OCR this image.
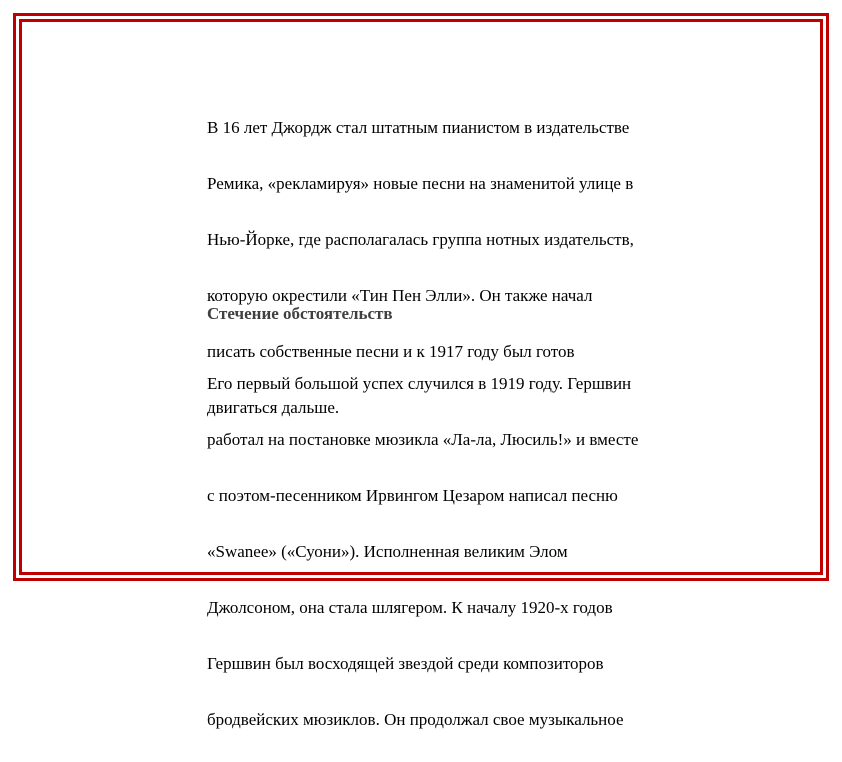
В 16 лет Джордж стал штатным пианистом в издательстве

Ремика, «рекламируя» новые песни на знаменитой улице в

Нью-Йорке, где располагалась группа нотных издательств,

которую окрестили «Тин Пен Элли». Он также начал

писать собственные песни и к 1917 году был готов

двигаться дальше.

Стечение обстоятельств

Его первый большой успех случился в 1919 году. Гершвин

работал на постановке мюзикла «Ла-ла, Люсиль!» и вместе

с поэтом-песенником Ирвингом Цезаром написал песню

«Swanee» («Суони»). Исполненная великим Элом

Джолсоном, она стала шлягером. К началу 1920-х годов

Гершвин был восходящей звездой среди композиторов

бродвейских мюзиклов. Он продолжал свое музыкальное
